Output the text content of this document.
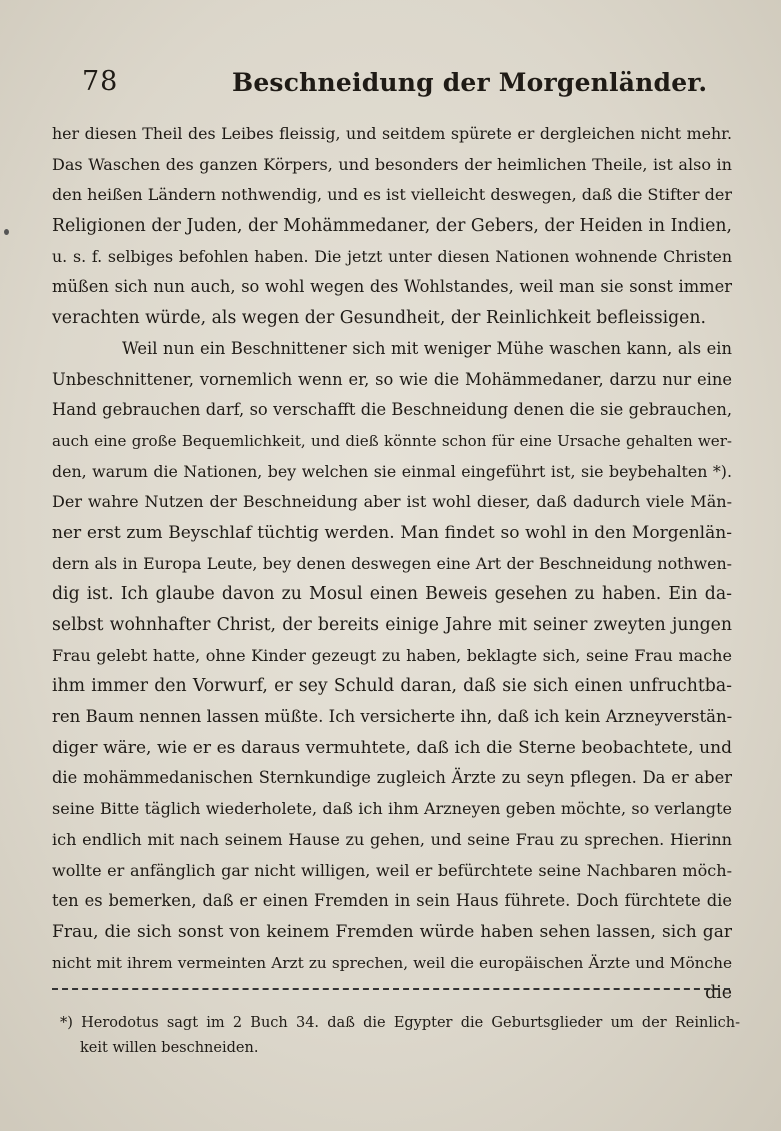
78	Beschneidung der Morgenländer.
her diesen Theil des Leibes fleissig, und seitdem spürete er dergleichen nicht mehr.
Das Waschen des ganzen Körpers, und besonders der heimlichen Theile, ist also in
den heißen Ländern nothwendig, und es ist vielleicht deswegen, daß die Stifter der
Religionen der Juden, der Mohämmedaner, der Gebers, der Heiden in Indien,
u. s. f. selbiges befohlen haben. Die jetzt unter diesen Nationen wohnende Christen
müßen sich nun auch, so wohl wegen des Wohlstandes, weil man sie sonst immer
verachten würde, als wegen der Gesundheit, der Reinlichkeit befleissigen.
Weil nun ein Beschnittener sich mit weniger Mühe waschen kann, als ein
Unbeschnittener, vornemlich wenn er, so wie die Mohämmedaner, darzu nur eine
Hand gebrauchen darf, so verschafft die Beschneidung denen die sie gebrauchen,
auch eine große Bequemlichkeit, und dieß könnte schon für eine Ursache gehalten wer-
den, warum die Nationen, bey welchen sie einmal eingeführt ist, sie beybehalten *).
Der wahre Nutzen der Beschneidung aber ist wohl dieser, daß dadurch viele Män-
ner erst zum Beyschlaf tüchtig werden. Man findet so wohl in den Morgenlän-
dern als in Europa Leute, bey denen deswegen eine Art der Beschneidung nothwen-
dig ist. Ich glaube davon zu Mosul einen Beweis gesehen zu haben. Ein da-
selbst wohnhafter Christ, der bereits einige Jahre mit seiner zweyten jungen
Frau gelebt hatte, ohne Kinder gezeugt zu haben, beklagte sich, seine Frau mache
ihm immer den Vorwurf, er sey Schuld daran, daß sie sich einen unfruchtba-
ren Baum nennen lassen müßte. Ich versicherte ihn, daß ich kein Arzneyverstän-
diger wäre, wie er es daraus vermuhtete, daß ich die Sterne beobachtete, und
die mohämmedanischen Sternkundige zugleich Ärzte zu seyn pflegen. Da er aber
seine Bitte täglich wiederholete, daß ich ihm Arzneyen geben möchte, so verlangte
ich endlich mit nach seinem Hause zu gehen, und seine Frau zu sprechen. Hierinn
wollte er anfänglich gar nicht willigen, weil er befürchtete seine Nachbaren möch-
ten es bemerken, daß er einen Fremden in sein Haus führete. Doch fürchtete die
Frau, die sich sonst von keinem Fremden würde haben sehen lassen, sich gar
nicht mit ihrem vermeinten Arzt zu sprechen, weil die europäischen Ärzte und Mönche
die
*) Herodotus sagt im 2 Buch 34. daß die Egypter die Geburtsglieder um der Reinlich-
keit willen beschneiden.
